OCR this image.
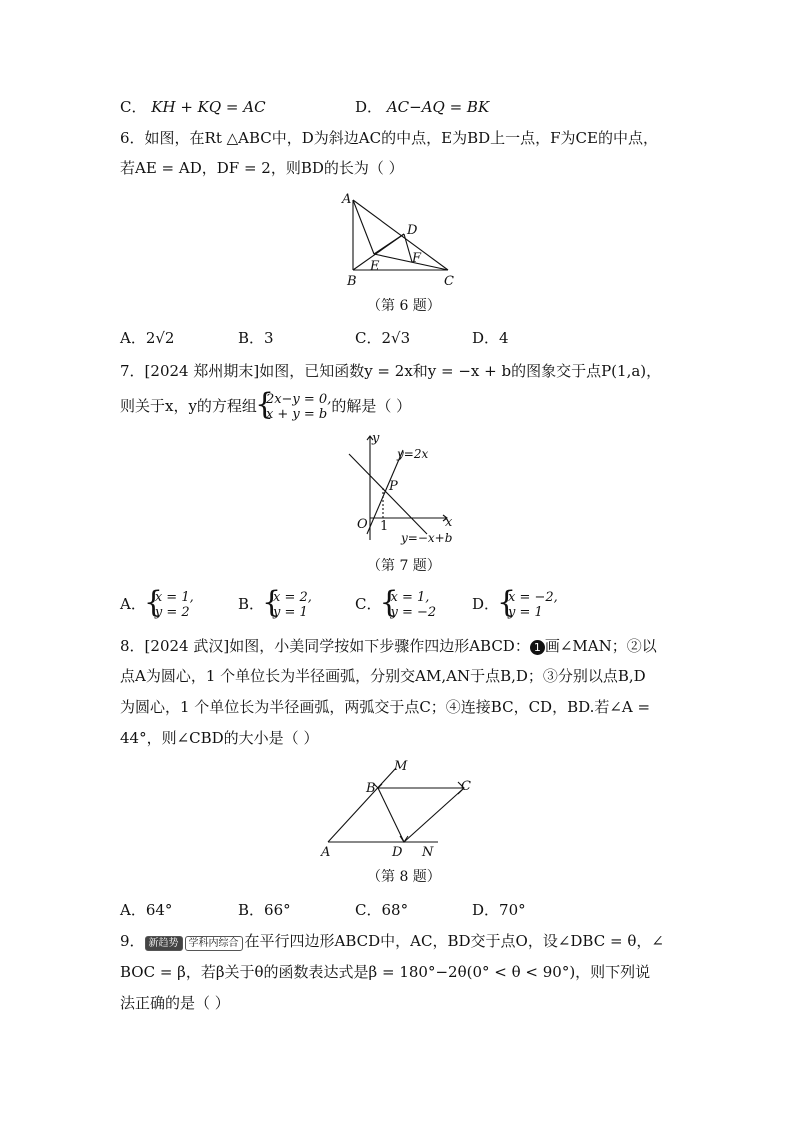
C． KH + KQ = AC	D． AC−AQ = BK
6．如图，在Rt △ABC中，D为斜边AC的中点，E为BD上一点，F为CE的中点，
若AE = AD，DF = 2，则BD的长为（ ）
A
B	C
D
E
F
（第 6 题）
A．2√2	B．3	C．2√3	D．4
7．[2024 郑州期末]如图，已知函数y = 2x和y = −x + b的图象交于点P(1,a)，
则关于x，y的方程组 { 2x−y = 0,
x + y = b 的解是（ ）
y
x
O
P
1
y=2x
y=−x+b
（第 7 题）
A． { x = 1,
y = 2	B． { x = 2,
y = 1	C． { x = 1,
y = −2 D． { x = −2,
y = 1
8．[2024 武汉]如图，小美同学按如下步骤作四边形ABCD： 1 画∠MAN；②以
点A为圆心，1 个单位长为半径画弧，分别交AM,AN于点B,D；③分别以点B,D
为圆心，1 个单位长为半径画弧，两弧交于点C；④连接BC，CD，BD.若∠A =
44°，则∠CBD的大小是（ ）
A
B	C
D
M
N
（第 8 题）
A．64°	B．66°	C．68°	D．70°
9． 新趋势 学科内综合 在平行四边形ABCD中，AC，BD交于点O，设∠DBC = θ，∠
BOC = β，若β关于θ的函数表达式是β = 180°−2θ(0° < θ < 90°)，则下列说
法正确的是（ ）
